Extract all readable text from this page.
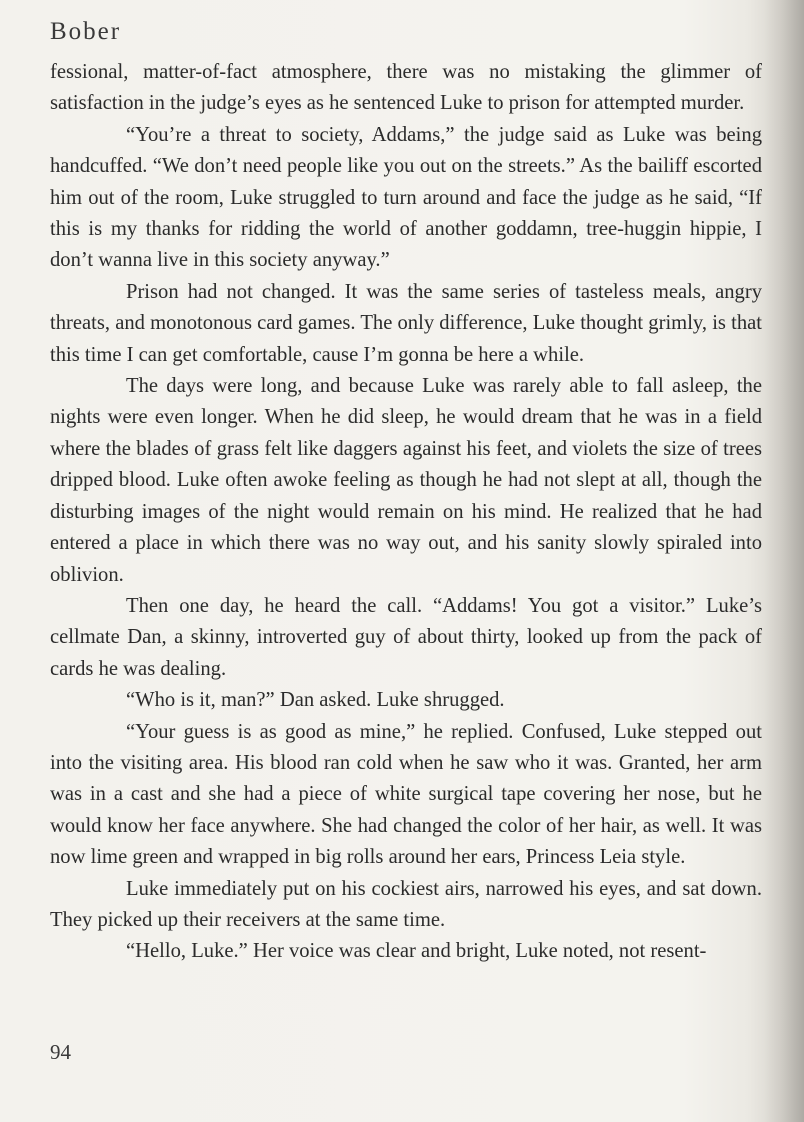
Bober

fessional, matter-of-fact atmosphere, there was no mistaking the glimmer of satisfaction in the judge’s eyes as he sentenced Luke to prison for attempted murder.

“You’re a threat to society, Addams,” the judge said as Luke was being handcuffed. “We don’t need people like you out on the streets.” As the bailiff escorted him out of the room, Luke struggled to turn around and face the judge as he said, “If this is my thanks for ridding the world of another goddamn, tree-huggin hippie, I don’t wanna live in this society anyway.”

Prison had not changed. It was the same series of tasteless meals, angry threats, and monotonous card games. The only difference, Luke thought grimly, is that this time I can get comfortable, cause I’m gonna be here a while.

The days were long, and because Luke was rarely able to fall asleep, the nights were even longer. When he did sleep, he would dream that he was in a field where the blades of grass felt like daggers against his feet, and violets the size of trees dripped blood. Luke often awoke feeling as though he had not slept at all, though the disturbing images of the night would remain on his mind. He realized that he had entered a place in which there was no way out, and his sanity slowly spiraled into oblivion.

Then one day, he heard the call. “Addams! You got a visitor.” Luke’s cellmate Dan, a skinny, introverted guy of about thirty, looked up from the pack of cards he was dealing.

“Who is it, man?” Dan asked. Luke shrugged.

“Your guess is as good as mine,” he replied. Confused, Luke stepped out into the visiting area. His blood ran cold when he saw who it was. Granted, her arm was in a cast and she had a piece of white surgical tape covering her nose, but he would know her face anywhere. She had changed the color of her hair, as well. It was now lime green and wrapped in big rolls around her ears, Princess Leia style.

Luke immediately put on his cockiest airs, narrowed his eyes, and sat down. They picked up their receivers at the same time.

“Hello, Luke.” Her voice was clear and bright, Luke noted, not resent-

94
